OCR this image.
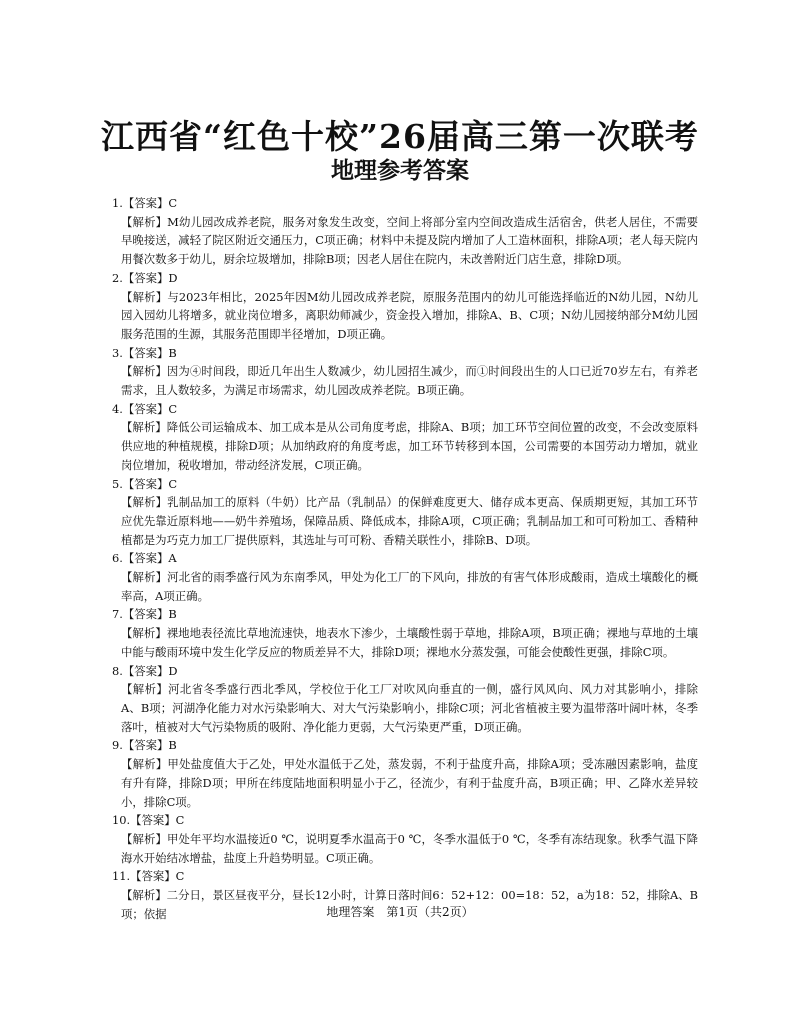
江西省“红色十校”26届高三第一次联考
地理参考答案
1.【答案】C
【解析】M幼儿园改成养老院，服务对象发生改变，空间上将部分室内空间改造成生活宿舍，供老人居住，不需要早晚接送，减轻了院区附近交通压力，C项正确；材料中未提及院内增加了人工造林面积，排除A项；老人每天院内用餐次数多于幼儿，厨余垃圾增加，排除B项；因老人居住在院内，未改善附近门店生意，排除D项。
2.【答案】D
【解析】与2023年相比，2025年因M幼儿园改成养老院，原服务范围内的幼儿可能选择临近的N幼儿园，N幼儿园入园幼儿将增多，就业岗位增多，离职幼师减少，资金投入增加，排除A、B、C项；N幼儿园接纳部分M幼儿园服务范围的生源，其服务范围即半径增加，D项正确。
3.【答案】B
【解析】因为④时间段，即近几年出生人数减少，幼儿园招生减少，而①时间段出生的人口已近70岁左右，有养老需求，且人数较多，为满足市场需求，幼儿园改成养老院。B项正确。
4.【答案】C
【解析】降低公司运输成本、加工成本是从公司角度考虑，排除A、B项；加工环节空间位置的改变，不会改变原料供应地的种植规模，排除D项；从加纳政府的角度考虑，加工环节转移到本国，公司需要的本国劳动力增加，就业岗位增加，税收增加，带动经济发展，C项正确。
5.【答案】C
【解析】乳制品加工的原料（牛奶）比产品（乳制品）的保鲜难度更大、储存成本更高、保质期更短，其加工环节应优先靠近原料地——奶牛养殖场，保障品质、降低成本，排除A项，C项正确；乳制品加工和可可粉加工、香精种植都是为巧克力加工厂提供原料，其选址与可可粉、香精关联性小，排除B、D项。
6.【答案】A
【解析】河北省的雨季盛行风为东南季风，甲处为化工厂的下风向，排放的有害气体形成酸雨，造成土壤酸化的概率高，A项正确。
7.【答案】B
【解析】裸地地表径流比草地流速快，地表水下渗少，土壤酸性弱于草地，排除A项，B项正确；裸地与草地的土壤中能与酸雨环境中发生化学反应的物质差异不大，排除D项；裸地水分蒸发强，可能会使酸性更强，排除C项。
8.【答案】D
【解析】河北省冬季盛行西北季风，学校位于化工厂对吹风向垂直的一侧，盛行风风向、风力对其影响小，排除A、B项；河湖净化能力对水污染影响大、对大气污染影响小，排除C项；河北省植被主要为温带落叶阔叶林，冬季落叶，植被对大气污染物质的吸附、净化能力更弱，大气污染更严重，D项正确。
9.【答案】B
【解析】甲处盐度值大于乙处，甲处水温低于乙处，蒸发弱，不利于盐度升高，排除A项；受冻融因素影响，盐度有升有降，排除D项；甲所在纬度陆地面积明显小于乙，径流少，有利于盐度升高，B项正确；甲、乙降水差异较小，排除C项。
10.【答案】C
【解析】甲处年平均水温接近0 ℃，说明夏季水温高于0 ℃，冬季水温低于0 ℃，冬季有冻结现象。秋季气温下降海水开始结冰增盐，盐度上升趋势明显。C项正确。
11.【答案】C
【解析】二分日，景区昼夜平分，昼长12小时，计算日落时间6：52+12：00=18：52，a为18：52，排除A、B项；依据	地理答案　第1页（共2页）
